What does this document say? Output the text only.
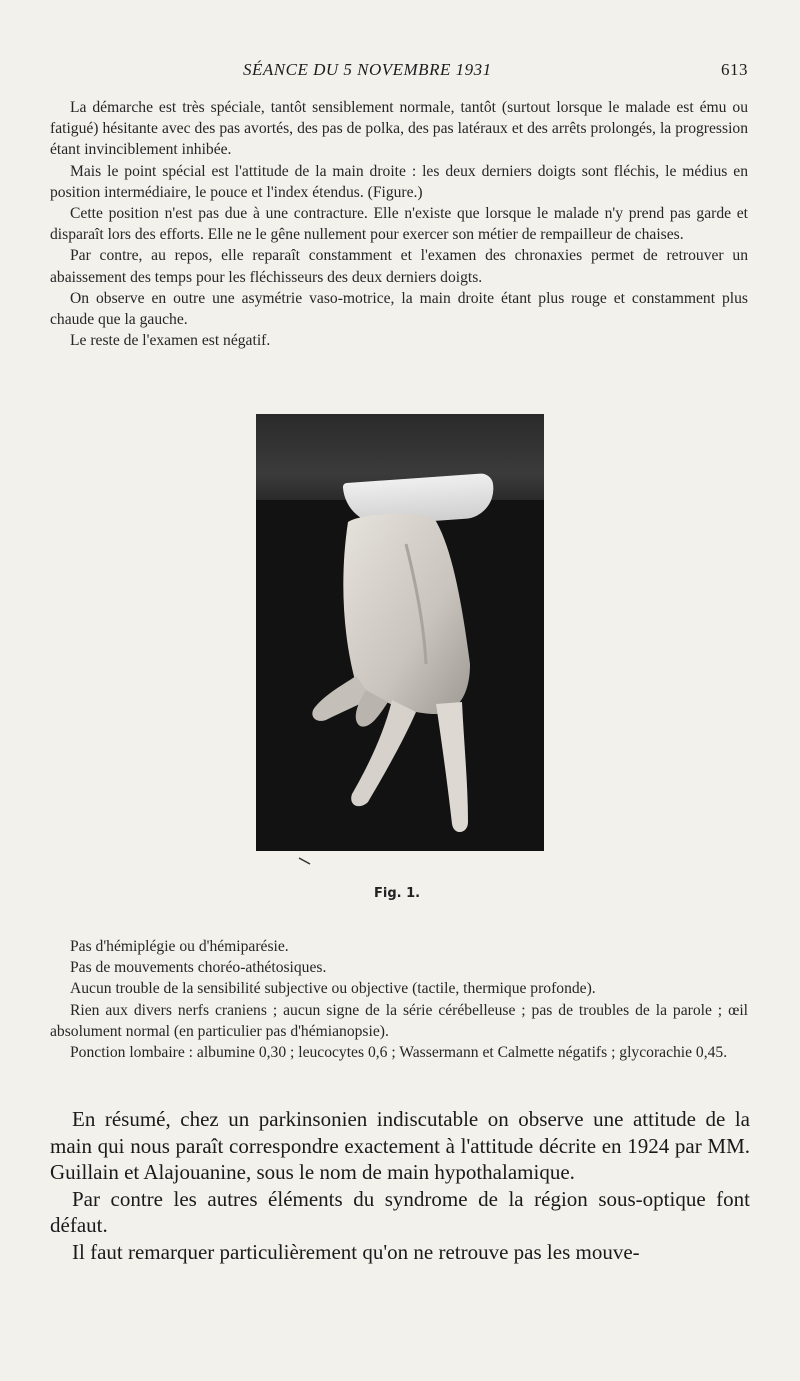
SÉANCE DU 5 NOVEMBRE 1931	613

La démarche est très spéciale, tantôt sensiblement normale, tantôt (surtout lorsque le malade est ému ou fatigué) hésitante avec des pas avortés, des pas de polka, des pas latéraux et des arrêts prolongés, la progression étant invinciblement inhibée.

Mais le point spécial est l'attitude de la main droite : les deux derniers doigts sont fléchis, le médius en position intermédiaire, le pouce et l'index étendus. (Figure.)

Cette position n'est pas due à une contracture. Elle n'existe que lorsque le malade n'y prend pas garde et disparaît lors des efforts. Elle ne le gêne nullement pour exercer son métier de rempailleur de chaises.

Par contre, au repos, elle reparaît constamment et l'examen des chronaxies permet de retrouver un abaissement des temps pour les fléchisseurs des deux derniers doigts.

On observe en outre une asymétrie vaso-motrice, la main droite étant plus rouge et constamment plus chaude que la gauche.

Le reste de l'examen est négatif.

Fig. 1.

Pas d'hémiplégie ou d'hémiparésie.

Pas de mouvements choréo-athétosiques.

Aucun trouble de la sensibilité subjective ou objective (tactile, thermique profonde).

Rien aux divers nerfs craniens ; aucun signe de la série cérébelleuse ; pas de troubles de la parole ; œil absolument normal (en particulier pas d'hémianopsie).

Ponction lombaire : albumine 0,30 ; leucocytes 0,6 ; Wassermann et Calmette négatifs ; glycorachie 0,45.

En résumé, chez un parkinsonien indiscutable on observe une attitude de la main qui nous paraît correspondre exactement à l'attitude décrite en 1924 par MM. Guillain et Alajouanine, sous le nom de main hypothalamique.

Par contre les autres éléments du syndrome de la région sous-optique font défaut.

Il faut remarquer particulièrement qu'on ne retrouve pas les mouve-
